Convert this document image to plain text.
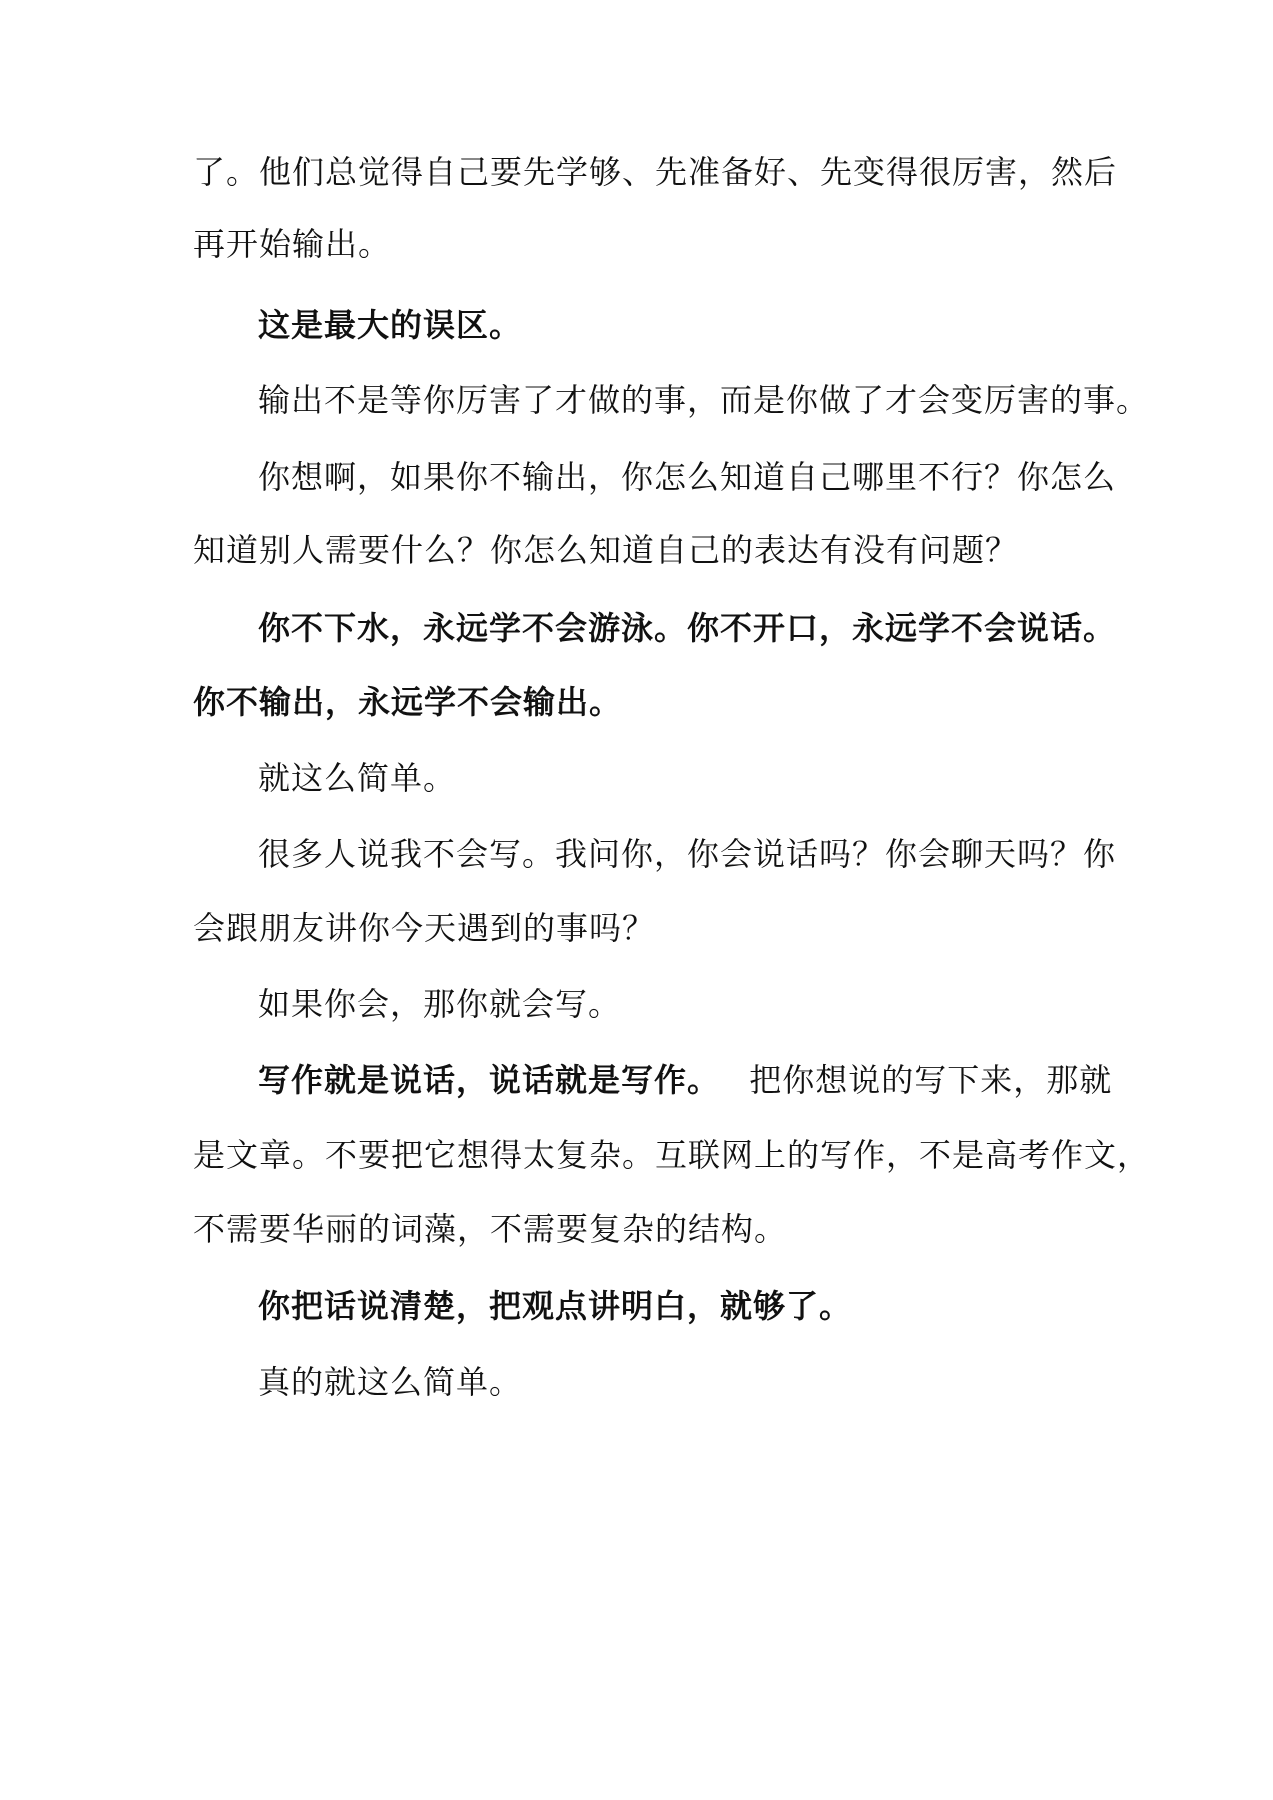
了。他们总觉得自己要先学够、先准备好、先变得很厉害，然后
再开始输出。
这是最大的误区。
输出不是等你厉害了才做的事，而是你做了才会变厉害的事。
你想啊，如果你不输出，你怎么知道自己哪里不行？你怎么
知道别人需要什么？你怎么知道自己的表达有没有问题？
你不下水，永远学不会游泳。你不开口，永远学不会说话。
你不输出，永远学不会输出。
就这么简单。
很多人说我不会写。我问你，你会说话吗？你会聊天吗？你
会跟朋友讲你今天遇到的事吗？
如果你会，那你就会写。
写作就是说话，说话就是写作。 把你想说的写下来，那就
是文章。不要把它想得太复杂。互联网上的写作，不是高考作文，
不需要华丽的词藻，不需要复杂的结构。
你把话说清楚，把观点讲明白，就够了。
真的就这么简单。
